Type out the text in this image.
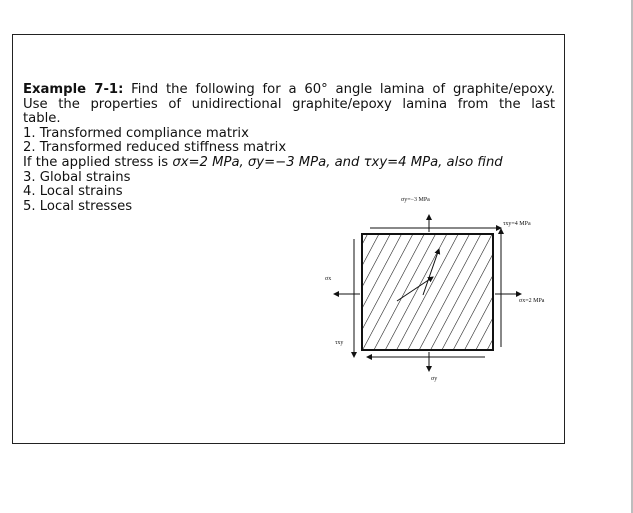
Example 7-1: Find the following for a 60° angle lamina of graphite/epoxy.
Use the properties of unidirectional graphite/epoxy lamina from the last
table.
1. Transformed compliance matrix
2. Transformed reduced stiffness matrix
If the applied stress is σx=2 MPa, σy=−3 MPa, and τxy=4 MPa, also find
3. Global strains
4. Local strains
5. Local stresses	σy=−3 MPa
σy
τxy=4 MPa
τxy
σx=2 MPa
σx
